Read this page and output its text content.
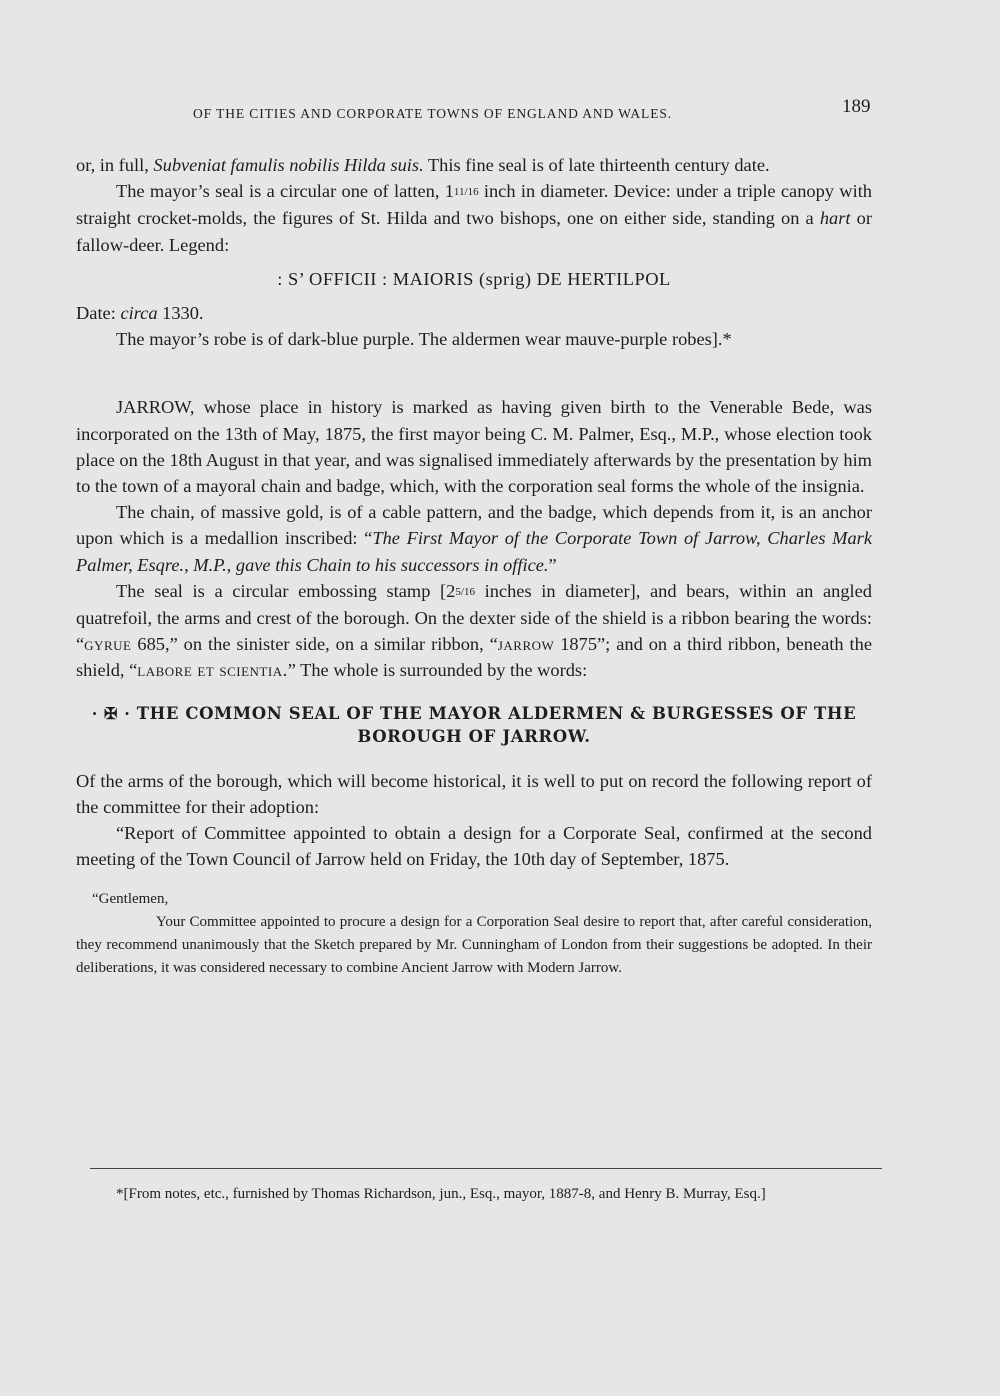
OF THE CITIES AND CORPORATE TOWNS OF ENGLAND AND WALES.	189

or, in full, Subveniat famulis nobilis Hilda suis. This fine seal is of late thirteenth century date.

The mayor’s seal is a circular one of latten, 111/16 inch in diameter. Device: under a triple canopy with straight crocket-molds, the figures of St. Hilda and two bishops, one on either side, standing on a hart or fallow-deer. Legend:

: S’ OFFICII : MAIORIS (sprig) DE HERTILPOL

Date: circa 1330.

The mayor’s robe is of dark-blue purple. The aldermen wear mauve-purple robes].*

JARROW, whose place in history is marked as having given birth to the Venerable Bede, was incorporated on the 13th of May, 1875, the first mayor being C. M. Palmer, Esq., M.P., whose election took place on the 18th August in that year, and was signalised immediately afterwards by the presentation by him to the town of a mayoral chain and badge, which, with the corporation seal forms the whole of the insignia.

The chain, of massive gold, is of a cable pattern, and the badge, which depends from it, is an anchor upon which is a medallion inscribed: “The First Mayor of the Corporate Town of Jarrow, Charles Mark Palmer, Esqre., M.P., gave this Chain to his successors in office.”

The seal is a circular embossing stamp [25/16 inches in diameter], and bears, within an angled quatrefoil, the arms and crest of the borough. On the dexter side of the shield is a ribbon bearing the words: “gyrue 685,” on the sinister side, on a similar ribbon, “jarrow 1875”; and on a third ribbon, beneath the shield, “labore et scientia.” The whole is surrounded by the words:

· ✠ · THE COMMON SEAL OF THE MAYOR ALDERMEN & BURGESSES OF THE BOROUGH OF JARROW.

Of the arms of the borough, which will become historical, it is well to put on record the following report of the committee for their adoption:

“Report of Committee appointed to obtain a design for a Corporate Seal, confirmed at the second meeting of the Town Council of Jarrow held on Friday, the 10th day of September, 1875.

“Gentlemen,

Your Committee appointed to procure a design for a Corporation Seal desire to report that, after careful consideration, they recommend unanimously that the Sketch prepared by Mr. Cunningham of London from their suggestions be adopted. In their deliberations, it was considered necessary to combine Ancient Jarrow with Modern Jarrow.

*[From notes, etc., furnished by Thomas Richardson, jun., Esq., mayor, 1887-8, and Henry B. Murray, Esq.]
